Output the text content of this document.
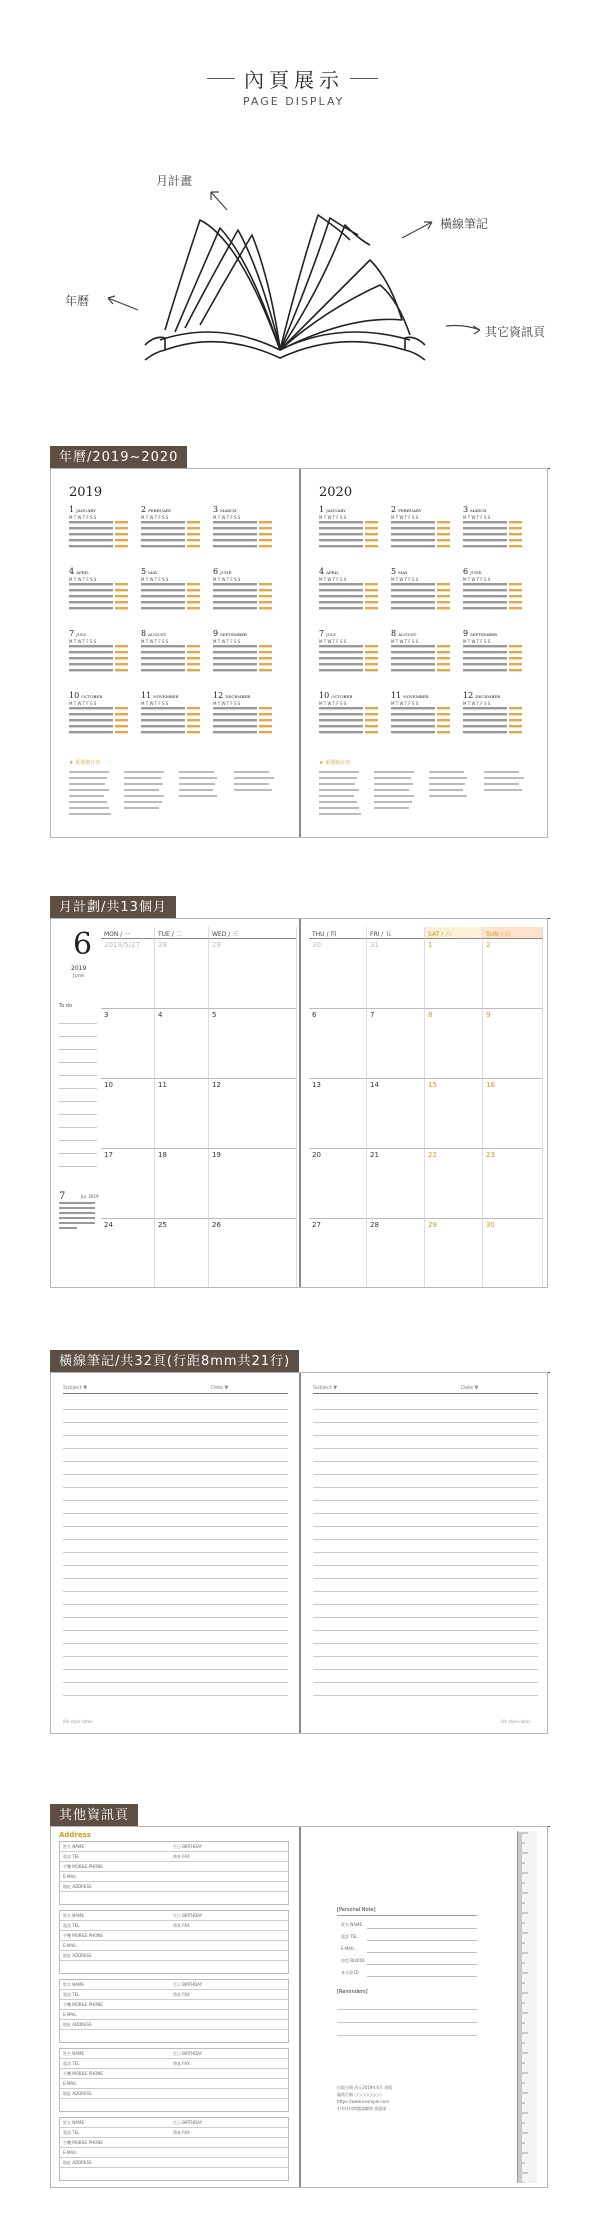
內頁展示
PAGE DISPLAY
月計畫
橫線筆記
年曆
其它資訊頁
年曆/2019~2020
2019	2020
1 JANUARY
M T W T F S S
2 FEBRUARY
M T W T F S S
3 MARCH
M T W T F S S
4 APRIL
M T W T F S S
5 MAY
M T W T F S S
6 JUNE
M T W T F S S
7 JULY
M T W T F S S
8 AUGUST
M T W T F S S
9 SEPTEMBER
M T W T F S S
10 OCTOBER
M T W T F S S
11 NOVEMBER
M T W T F S S
12 DECEMBER
M T W T F S S
1 JANUARY
M T W T F S S
2 FEBRUARY
M T W T F S S
3 MARCH
M T W T F S S
4 APRIL
M T W T F S S
5 MAY
M T W T F S S
6 JUNE
M T W T F S S
7 JULY
M T W T F S S
8 AUGUST
M T W T F S S
9 SEPTEMBER
M T W T F S S
10 OCTOBER
M T W T F S S
11 NOVEMBER
M T W T F S S
12 DECEMBER
M T W T F S S
★ 重要節日表	★ 重要節日表
月計劃/共13個月
6
2019
June
To do
7	Jul. 2019
MON / 一	TUE / 二	WED / 三	THU / 四	FRI / 五	SAT / 六	SUN / 日
2019/5/27	28	29	30	31	1	2
3	4	5	6	7	8	9
10	11	12	13	14	15	16
17	18	19	20	21	22	23
24	25	26	27	28	29	30
橫線筆記/共32頁(行距8mm共21行)
Subject ▼	Date ▼
life style notes
Subject ▼	Date ▼
life style notes
其他資訊頁
Address
姓名 NAME	生日 BIRTHDAY
電話 TEL	傳真 FAX
手機 MOBILE PHONE
E-MAIL
地址 ADDRESS
姓名 NAME	生日 BIRTHDAY
電話 TEL	傳真 FAX
手機 MOBILE PHONE
E-MAIL
地址 ADDRESS
姓名 NAME	生日 BIRTHDAY
電話 TEL	傳真 FAX
手機 MOBILE PHONE
E-MAIL
地址 ADDRESS
姓名 NAME	生日 BIRTHDAY
電話 TEL	傳真 FAX
手機 MOBILE PHONE
E-MAIL
地址 ADDRESS
姓名 NAME	生日 BIRTHDAY
電話 TEL	傳真 FAX
手機 MOBILE PHONE
E-MAIL
地址 ADDRESS
[Personal Note]
姓名 NAME
電話 TEL
E-MAIL
血型 BLOOD
身分證 ID
[Reminders]
出版日期 西元2019年6月 初版
廠商名稱 ○○○○○○○○
https://www.example.com
若有任何問題請聯絡 客服部
